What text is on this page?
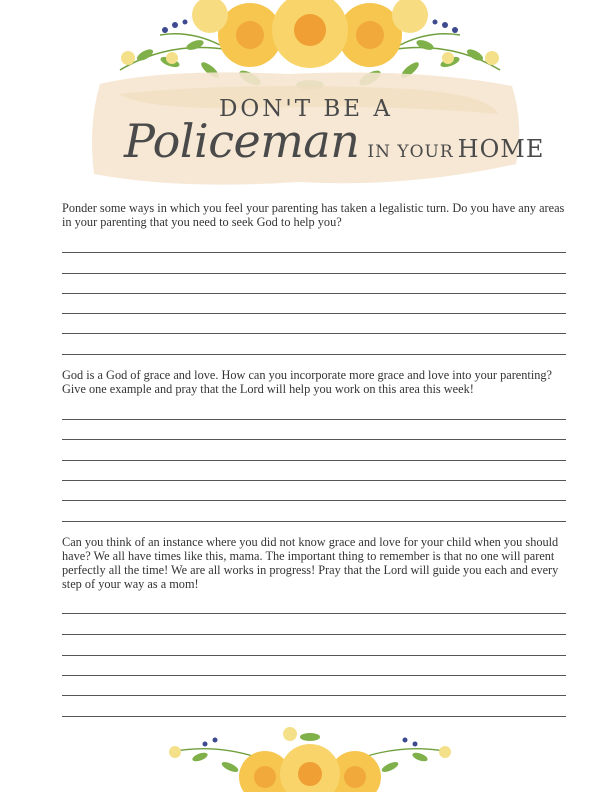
DON'T BE A
Policeman IN YOUR HOME
Ponder some ways in which you feel your parenting has taken a legalistic turn. Do you have any areas in your parenting that you need to seek God to help you?
God is a God of grace and love. How can you incorporate more grace and love into your parenting? Give one example and pray that the Lord will help you work on this area this week!
Can you think of an instance where you did not know grace and love for your child when you should have? We all have times like this, mama. The important thing to remember is that no one will parent perfectly all the time! We are all works in progress! Pray that the Lord will guide you each and every step of your way as a mom!
